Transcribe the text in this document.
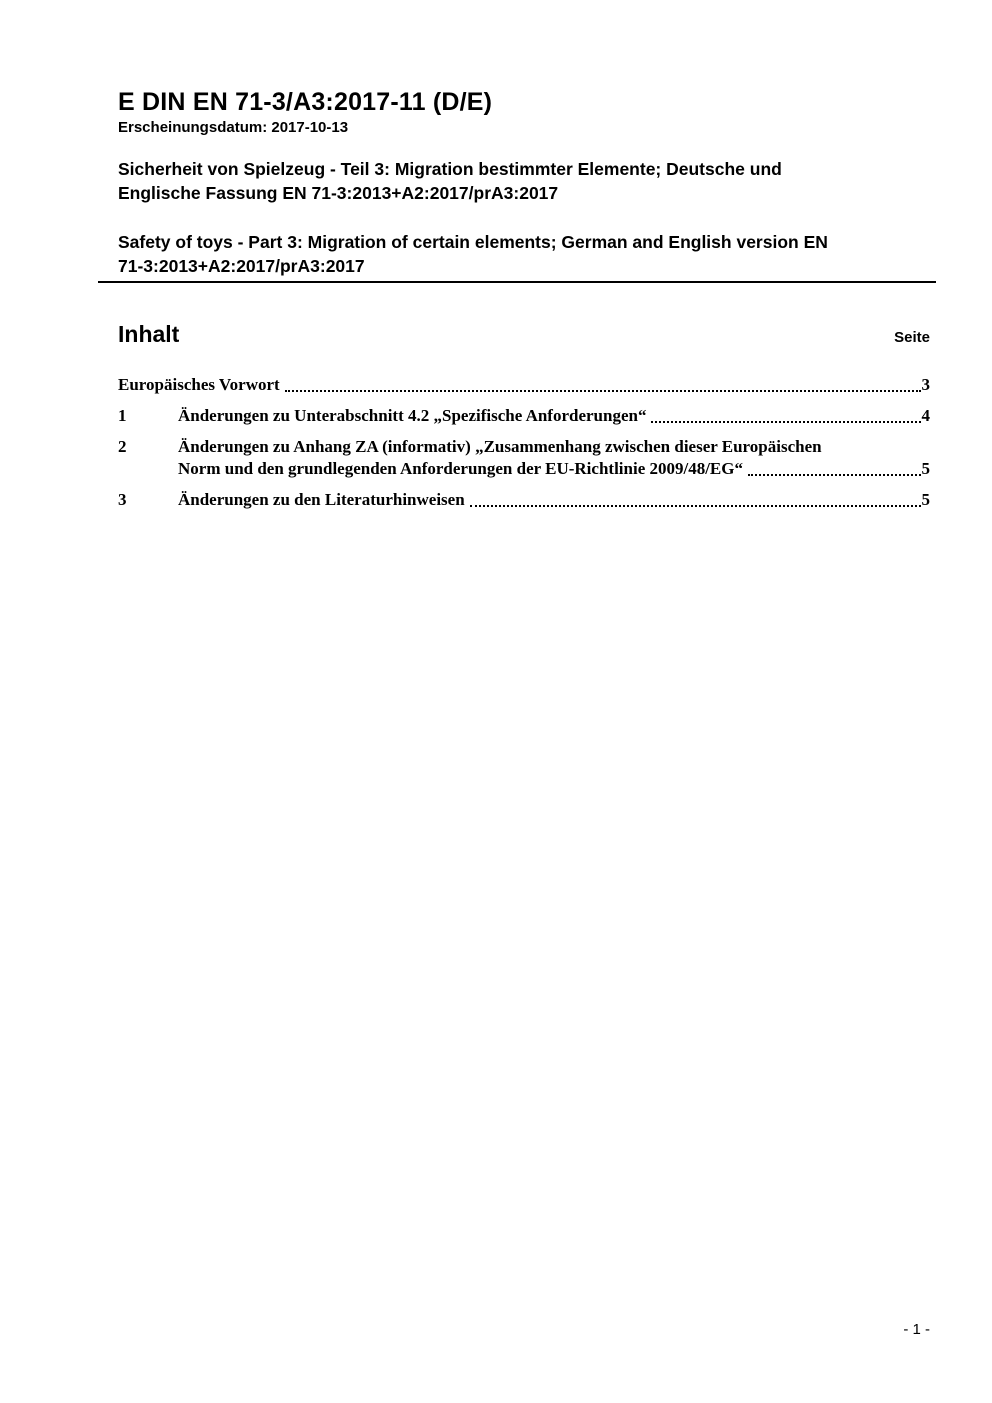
E DIN EN 71-3/A3:2017-11 (D/E)
Erscheinungsdatum: 2017-10-13
Sicherheit von Spielzeug - Teil 3: Migration bestimmter Elemente; Deutsche und
Englische Fassung EN 71-3:2013+A2:2017/prA3:2017
Safety of toys - Part 3: Migration of certain elements; German and English version EN
71-3:2013+A2:2017/prA3:2017
Inhalt	Seite
Europäisches Vorwort	3
1	Änderungen zu Unterabschnitt 4.2 „Spezifische Anforderungen“	4
2	Änderungen zu Anhang ZA (informativ) „Zusammenhang zwischen dieser Europäischen
Norm und den grundlegenden Anforderungen der EU-Richtlinie 2009/48/EG“	5
3	Änderungen zu den Literaturhinweisen	5
- 1 -
